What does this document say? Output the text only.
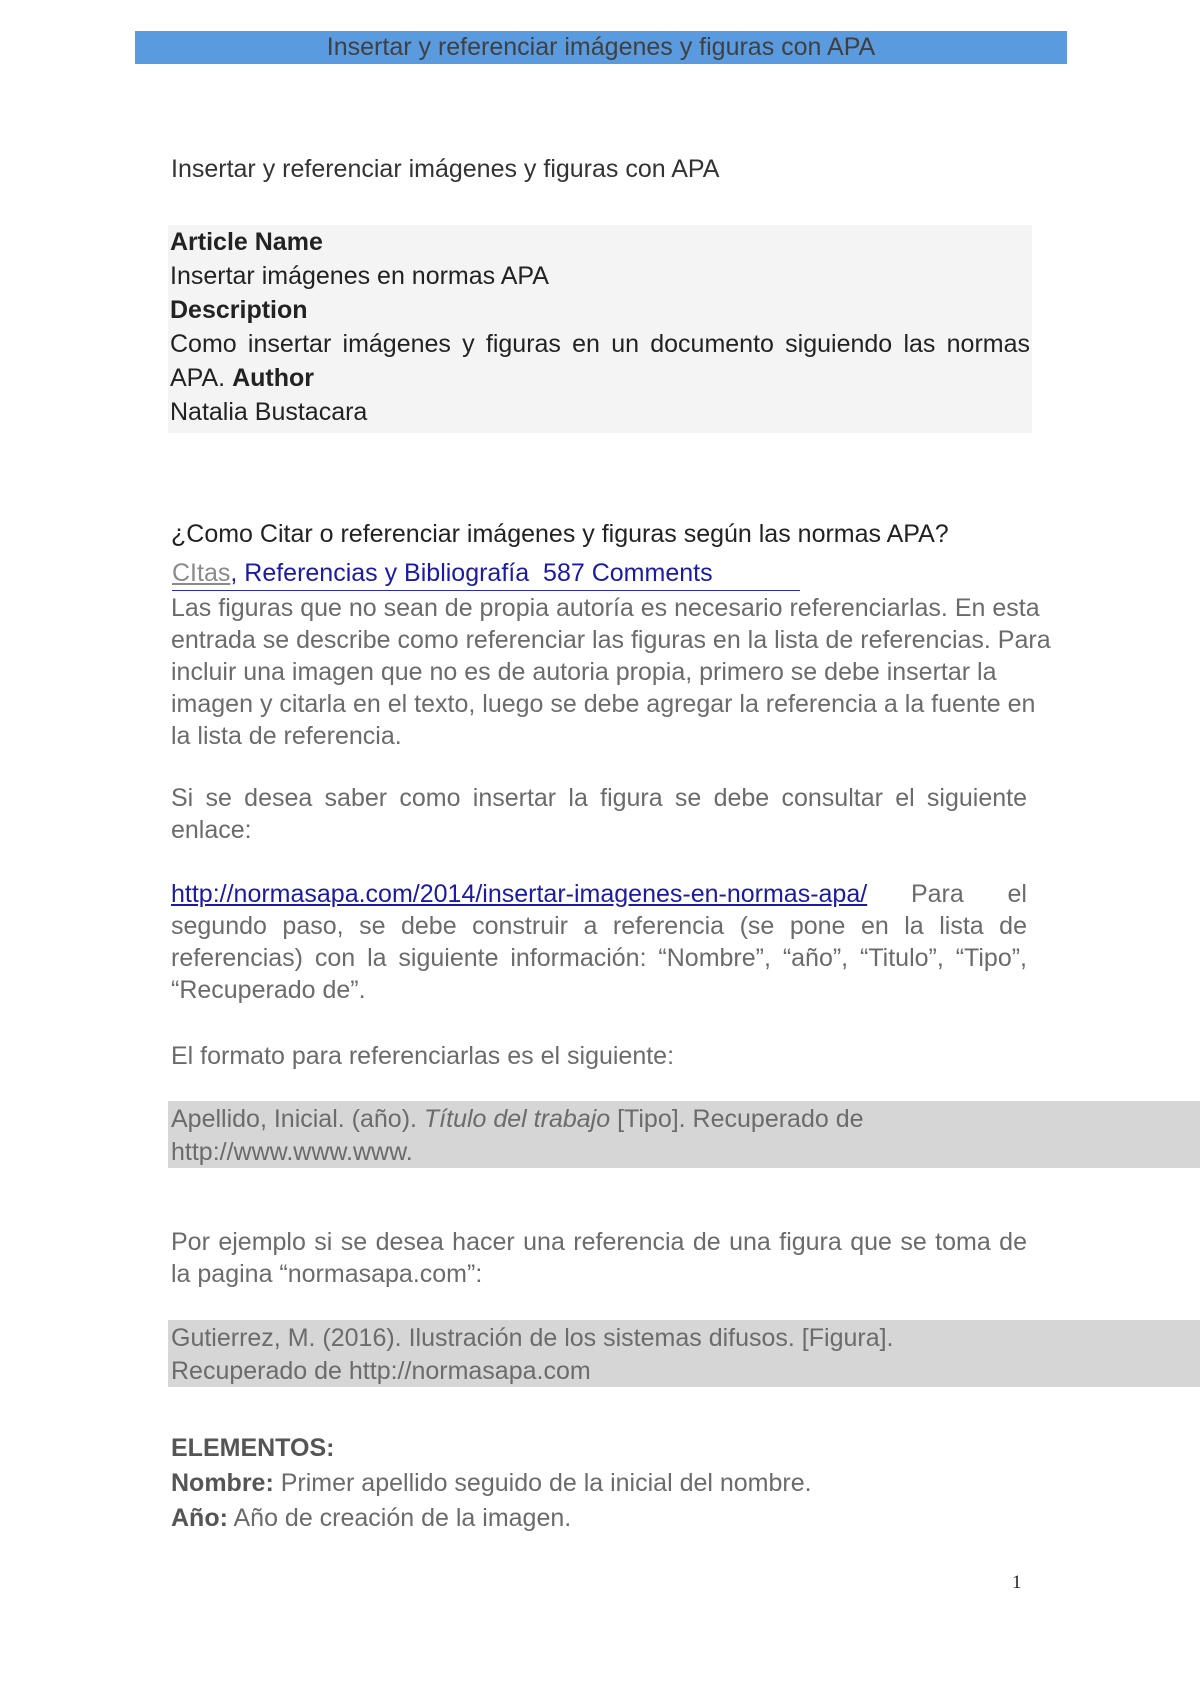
Insertar y referenciar imágenes y figuras con APA
Insertar y referenciar imágenes y figuras con APA
Article Name
Insertar imágenes en normas APA
Description
Como insertar imágenes y figuras en un documento siguiendo las normas APA. Author
Natalia Bustacara
¿Como Citar o referenciar imágenes y figuras según las normas APA?
CItas, Referencias y Bibliografía 587 Comments
Las figuras que no sean de propia autoría es necesario referenciarlas. En esta entrada se describe como referenciar las figuras en la lista de referencias. Para incluir una imagen que no es de autoria propia, primero se debe insertar la imagen y citarla en el texto, luego se debe agregar la referencia a la fuente en la lista de referencia.
Si se desea saber como insertar la figura se debe consultar el siguiente enlace:
http://normasapa.com/2014/insertar-imagenes-en-normas-apa/ Para el segundo paso, se debe construir a referencia (se pone en la lista de referencias) con la siguiente información: “Nombre”, “año”, “Titulo”, “Tipo”, “Recuperado de”.
El formato para referenciarlas es el siguiente:
Apellido, Inicial. (año). Título del trabajo [Tipo]. Recuperado de http://www.www.www.
Por ejemplo si se desea hacer una referencia de una figura que se toma de la pagina “normasapa.com”:
Gutierrez, M. (2016). Ilustración de los sistemas difusos. [Figura]. Recuperado de http://normasapa.com
ELEMENTOS:
Nombre: Primer apellido seguido de la inicial del nombre.
Año: Año de creación de la imagen.
1
